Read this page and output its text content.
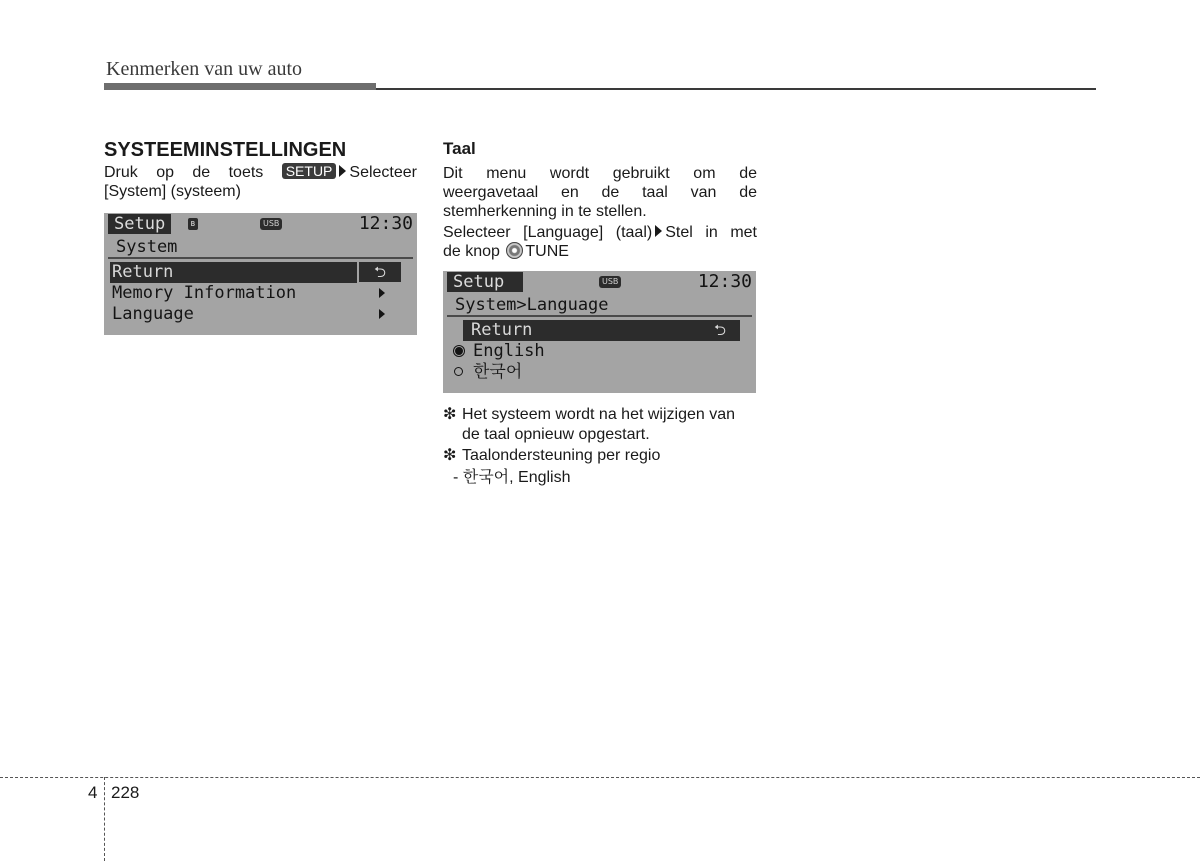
Kenmerken van uw auto
SYSTEEMINSTELLINGEN
Druk op de toets SETUP Selecteer
[System] (systeem)
Setup	ʙ	USB	12:30
System
Return	⮌
Memory Information
Language
Taal
Dit menu wordt gebruikt om de
weergavetaal en de taal van de
stemherkenning in te stellen.
Selecteer [Language] (taal) Stel in met
de knop TUNE
Setup	USB	12:30
System>Language
Return	⮌
English
한국어
❇ Het systeem wordt na het wijzigen van
de taal opnieuw opgestart.
❇ Taalondersteuning per regio
- 한국어, English
4 228
